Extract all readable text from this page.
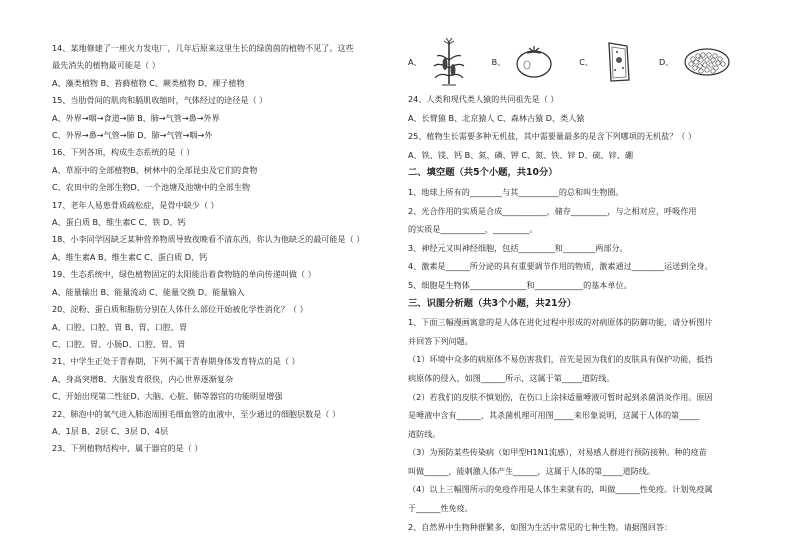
14、某地修建了一座火力发电厂，几年后原来这里生长的绿茵茵的植物不见了。这些
最先消失的植物最可能是（ ）
A、藻类植物 B、苔藓植物 C、蕨类植物 D、裸子植物
15、当肋骨间的肌肉和膈肌收缩时，气体经过的途径是（ ）
A、外界→咽→食道→肺 B、肺→气管→鼻→外界
C、外界→鼻→气管→肺 D、肺→气管→咽→外
16、下列各项，构成生态系统的是（ ）
A、草原中的全部植物B、树林中的全部昆虫及它们的食物
C、农田中的全部生物D、一个池塘及池塘中的全部生物
17、老年人易患骨质疏松症，是骨中缺少（ ）
A、蛋白质 B、维生素C C、铁 D、钙
18、小李同学因缺乏某种营养物质导致夜晚看不清东西，你认为他缺乏的最可能是（ ）
A、维生素A B、维生素C C、蛋白质 D、钙
19、生态系统中，绿色植物固定的太阳能沿着食物链的单向传递叫做（ ）
A、能量输出 B、能量流动 C、能量交换 D、能量输入
20、淀粉、蛋白质和脂肪分别在人体什么部位开始被化学性消化？（ ）
A、口腔、口腔、胃 B、胃、口腔、胃
C、口腔、胃、小肠D、口腔、胃、胃
21、中学生正处于青春期，下列不属于青春期身体发育特点的是（ ）
A、身高突增B、大脑发育很快，内心世界逐渐复杂
C、开始出现第二性征D、大脑、心脏、肺等器官的功能明显增强
22、肺泡中的氧气进入肺泡周围毛细血管的血液中，至少通过的细胞层数是（ ）
A、1层 B、2层 C、3层 D、4层
23、下列植物结构中，属于器官的是（ ）
A、	B、	C、	D、
24、人类和现代类人猿的共同祖先是（ ）
A、长臂猿 B、北京猿人 C、森林古猿 D、类人猿
25、植物生长需要多种无机盐，其中需要量最多的是含下列哪项的无机盐？（ ）
A、铁、镁、钙 B、氮、磷、钾 C、氮、铁、锌 D、硫、锌、硼
二、填空题（共5个小题，共10分）
1、地球上所有的________与其__________的总和叫生物圈。
2、光合作用的实质是合成___________，储存_________，与之相对应，呼吸作用
的实质是___________，_________。
3、神经元又叫神经细胞，包括_________和________两部分。
4、激素是______所分泌的具有重要调节作用的物质，激素通过________运送到全身。
5、细胞是生物体______________和____________的基本单位。
三、识图分析题（共3个小题，共21分）
1、下面三幅漫画寓意的是人体在进化过程中形成的对病原体的防御功能，请分析图片
并回答下列问题。
（1）环境中众多的病原体不易伤害我们，首先是因为我们的皮肤具有保护功能，抵挡
病原体的侵入，如图______所示，这属于第_____道防线。
（2）若我们的皮肤不慎划伤，在伤口上涂抹适量唾液可暂时起到杀菌消炎作用。原因
是唾液中含有______，其杀菌机理可用图_____来形象说明，这属于人体的第_____
道防线。
（3）为预防某些传染病（如甲型H1N1流感），对易感人群进行预防接种。种的疫苗
叫做______，能刺激人体产生______，这属于人体的第_____道防线。
（4）以上三幅图所示的免疫作用是人体生来就有的，叫做______性免疫。计划免疫属
于______性免疫。
2、自然界中生物种群繁多，如图为生活中常见的七种生物。请据图回答：
